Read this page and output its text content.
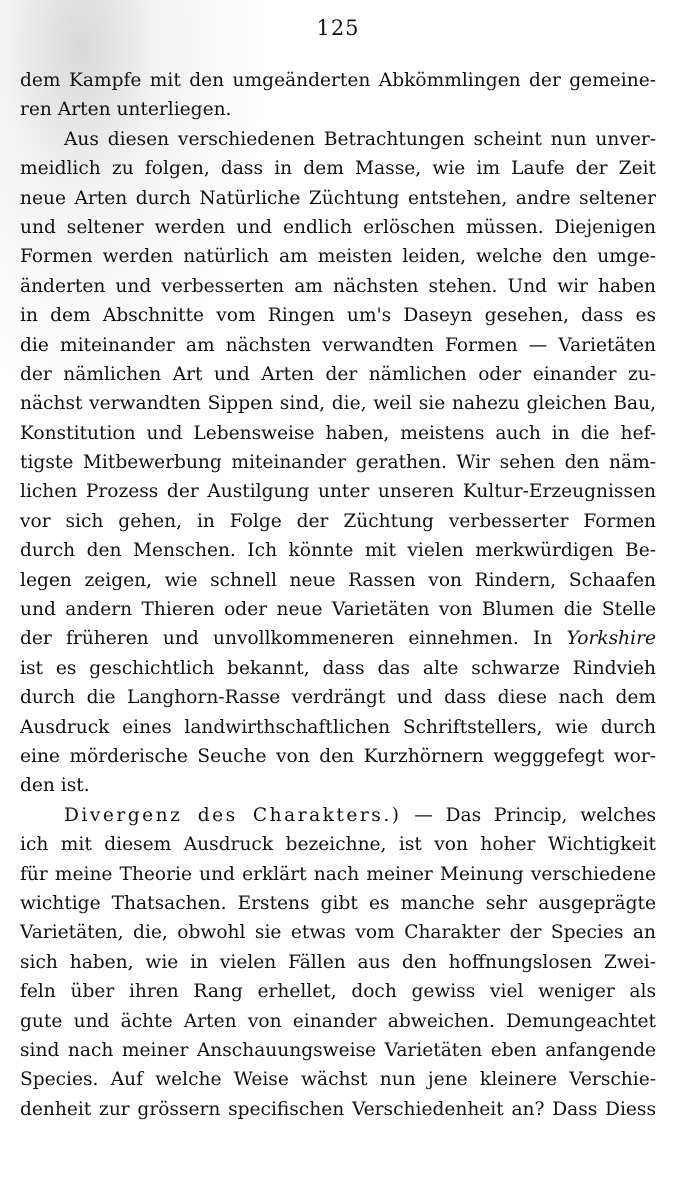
125
dem Kampfe mit den umgeänderten Abkömmlingen der gemeine-
ren Arten unterliegen.
Aus diesen verschiedenen Betrachtungen scheint nun unver-
meidlich zu folgen, dass in dem Masse, wie im Laufe der Zeit
neue Arten durch Natürliche Züchtung entstehen, andre seltener
und seltener werden und endlich erlöschen müssen. Diejenigen
Formen werden natürlich am meisten leiden, welche den umge-
änderten und verbesserten am nächsten stehen. Und wir haben
in dem Abschnitte vom Ringen um's Daseyn gesehen, dass es
die miteinander am nächsten verwandten Formen — Varietäten
der nämlichen Art und Arten der nämlichen oder einander zu-
nächst verwandten Sippen sind, die, weil sie nahezu gleichen Bau,
Konstitution und Lebensweise haben, meistens auch in die hef-
tigste Mitbewerbung miteinander gerathen. Wir sehen den näm-
lichen Prozess der Austilgung unter unseren Kultur-Erzeugnissen
vor sich gehen, in Folge der Züchtung verbesserter Formen
durch den Menschen. Ich könnte mit vielen merkwürdigen Be-
legen zeigen, wie schnell neue Rassen von Rindern, Schaafen
und andern Thieren oder neue Varietäten von Blumen die Stelle
der früheren und unvollkommeneren einnehmen. In Yorkshire
ist es geschichtlich bekannt, dass das alte schwarze Rindvieh
durch die Langhorn-Rasse verdrängt und dass diese nach dem
Ausdruck eines landwirthschaftlichen Schriftstellers, wie durch
eine mörderische Seuche von den Kurzhörnern wegggefegt wor-
den ist.
Divergenz des Charakters.) — Das Princip, welches
ich mit diesem Ausdruck bezeichne, ist von hoher Wichtigkeit
für meine Theorie und erklärt nach meiner Meinung verschiedene
wichtige Thatsachen. Erstens gibt es manche sehr ausgeprägte
Varietäten, die, obwohl sie etwas vom Charakter der Species an
sich haben, wie in vielen Fällen aus den hoffnungslosen Zwei-
feln über ihren Rang erhellet, doch gewiss viel weniger als
gute und ächte Arten von einander abweichen. Demungeachtet
sind nach meiner Anschauungsweise Varietäten eben anfangende
Species. Auf welche Weise wächst nun jene kleinere Verschie-
denheit zur grössern specifischen Verschiedenheit an? Dass Diess
